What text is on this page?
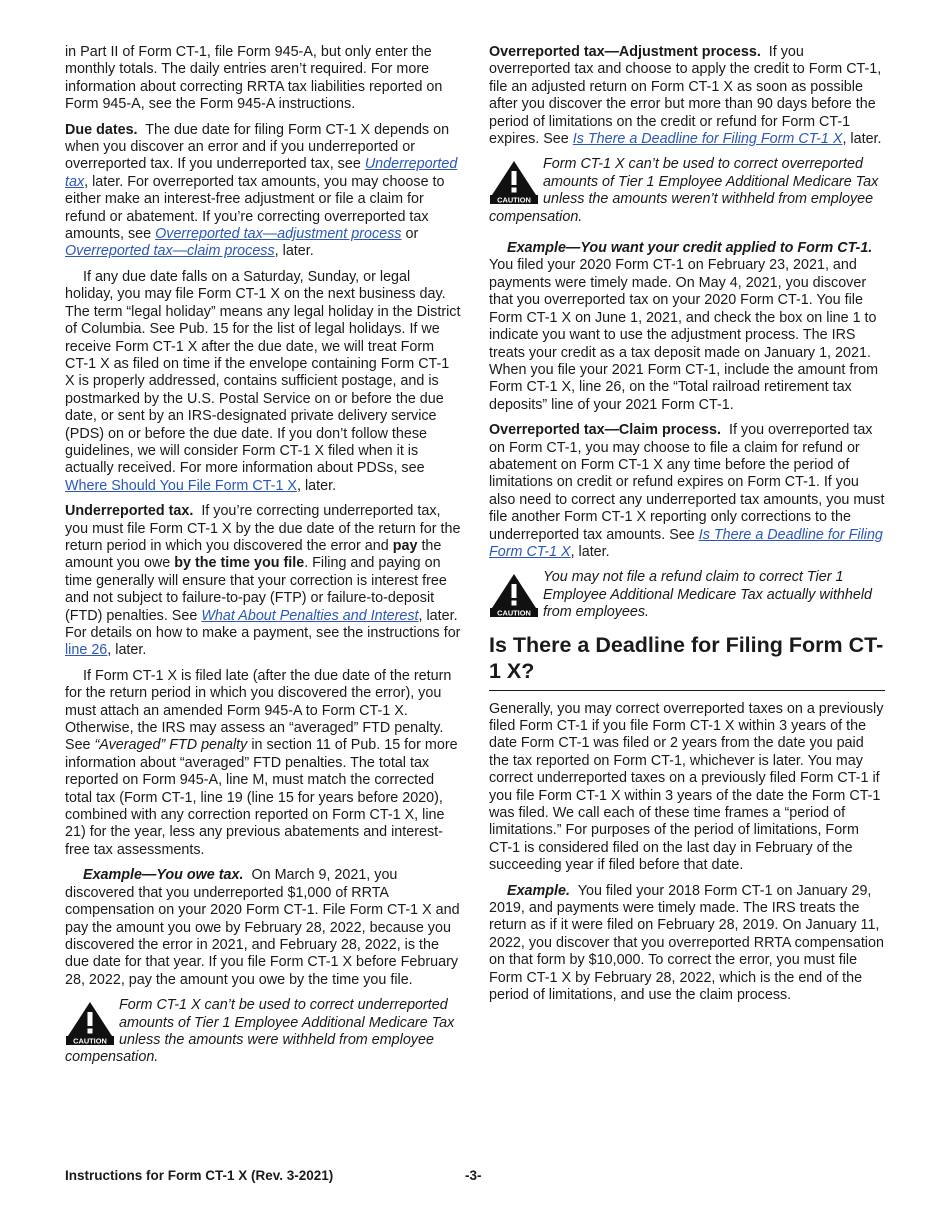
in Part II of Form CT-1, file Form 945-A, but only enter the monthly totals. The daily entries aren’t required. For more information about correcting RRTA tax liabilities reported on Form 945-A, see the Form 945-A instructions.

Due dates. The due date for filing Form CT-1 X depends on when you discover an error and if you underreported or overreported tax. If you underreported tax, see Underreported tax, later. For overreported tax amounts, you may choose to either make an interest-free adjustment or file a claim for refund or abatement. If you’re correcting overreported tax amounts, see Overreported tax—adjustment process or Overreported tax—claim process, later.

If any due date falls on a Saturday, Sunday, or legal holiday, you may file Form CT-1 X on the next business day. The term “legal holiday” means any legal holiday in the District of Columbia. See Pub. 15 for the list of legal holidays. If we receive Form CT-1 X after the due date, we will treat Form CT-1 X as filed on time if the envelope containing Form CT-1 X is properly addressed, contains sufficient postage, and is postmarked by the U.S. Postal Service on or before the due date, or sent by an IRS-designated private delivery service (PDS) on or before the due date. If you don’t follow these guidelines, we will consider Form CT-1 X filed when it is actually received. For more information about PDSs, see Where Should You File Form CT-1 X, later.

Underreported tax. If you’re correcting underreported tax, you must file Form CT-1 X by the due date of the return for the return period in which you discovered the error and pay the amount you owe by the time you file. Filing and paying on time generally will ensure that your correction is interest free and not subject to failure-to-pay (FTP) or failure-to-deposit (FTD) penalties. See What About Penalties and Interest, later. For details on how to make a payment, see the instructions for line 26, later.

If Form CT-1 X is filed late (after the due date of the return for the return period in which you discovered the error), you must attach an amended Form 945-A to Form CT-1 X. Otherwise, the IRS may assess an “averaged” FTD penalty. See “Averaged” FTD penalty in section 11 of Pub. 15 for more information about “averaged” FTD penalties. The total tax reported on Form 945-A, line M, must match the corrected total tax (Form CT-1, line 19 (line 15 for years before 2020), combined with any correction reported on Form CT-1 X, line 21) for the year, less any previous abatements and interest-free tax assessments.

Example—You owe tax. On March 9, 2021, you discovered that you underreported $1,000 of RRTA compensation on your 2020 Form CT-1. File Form CT-1 X and pay the amount you owe by February 28, 2022, because you discovered the error in 2021, and February 28, 2022, is the due date for that year. If you file Form CT-1 X before February 28, 2022, pay the amount you owe by the time you file.

CAUTION
Form CT-1 X can’t be used to correct underreported amounts of Tier 1 Employee Additional Medicare Tax unless the amounts were withheld from employee compensation.

Overreported tax—Adjustment process. If you overreported tax and choose to apply the credit to Form CT-1, file an adjusted return on Form CT-1 X as soon as possible after you discover the error but more than 90 days before the period of limitations on the credit or refund for Form CT-1 expires. See Is There a Deadline for Filing Form CT-1 X, later.

CAUTION
Form CT-1 X can’t be used to correct overreported amounts of Tier 1 Employee Additional Medicare Tax unless the amounts weren’t withheld from employee compensation.

Example—You want your credit applied to Form CT-1.  You filed your 2020 Form CT-1 on February 23, 2021, and payments were timely made. On May 4, 2021, you discover that you overreported tax on your 2020 Form CT-1. You file Form CT-1 X on June 1, 2021, and check the box on line 1 to indicate you want to use the adjustment process. The IRS treats your credit as a tax deposit made on January 1, 2021. When you file your 2021 Form CT-1, include the amount from Form CT-1 X, line 26, on the “Total railroad retirement tax deposits” line of your 2021 Form CT-1.

Overreported tax—Claim process. If you overreported tax on Form CT-1, you may choose to file a claim for refund or abatement on Form CT-1 X any time before the period of limitations on credit or refund expires on Form CT-1. If you also need to correct any underreported tax amounts, you must file another Form CT-1 X reporting only corrections to the underreported tax amounts. See Is There a Deadline for Filing Form CT-1 X, later.

CAUTION
You may not file a refund claim to correct Tier 1 Employee Additional Medicare Tax actually withheld from employees.
Is There a Deadline for Filing Form CT-1 X?

Generally, you may correct overreported taxes on a previously filed Form CT-1 if you file Form CT-1 X within 3 years of the date Form CT-1 was filed or 2 years from the date you paid the tax reported on Form CT-1, whichever is later. You may correct underreported taxes on a previously filed Form CT-1 if you file Form CT-1 X within 3 years of the date the Form CT-1 was filed. We call each of these time frames a “period of limitations.” For purposes of the period of limitations, Form CT-1 is considered filed on the last day in February of the succeeding year if filed before that date.

Example. You filed your 2018 Form CT-1 on January 29, 2019, and payments were timely made. The IRS treats the return as if it were filed on February 28, 2019. On January 11, 2022, you discover that you overreported RRTA compensation on that form by $10,000. To correct the error, you must file Form CT-1 X by February 28, 2022, which is the end of the period of limitations, and use the claim process.

Instructions for Form CT-1 X (Rev. 3-2021)	-3-
